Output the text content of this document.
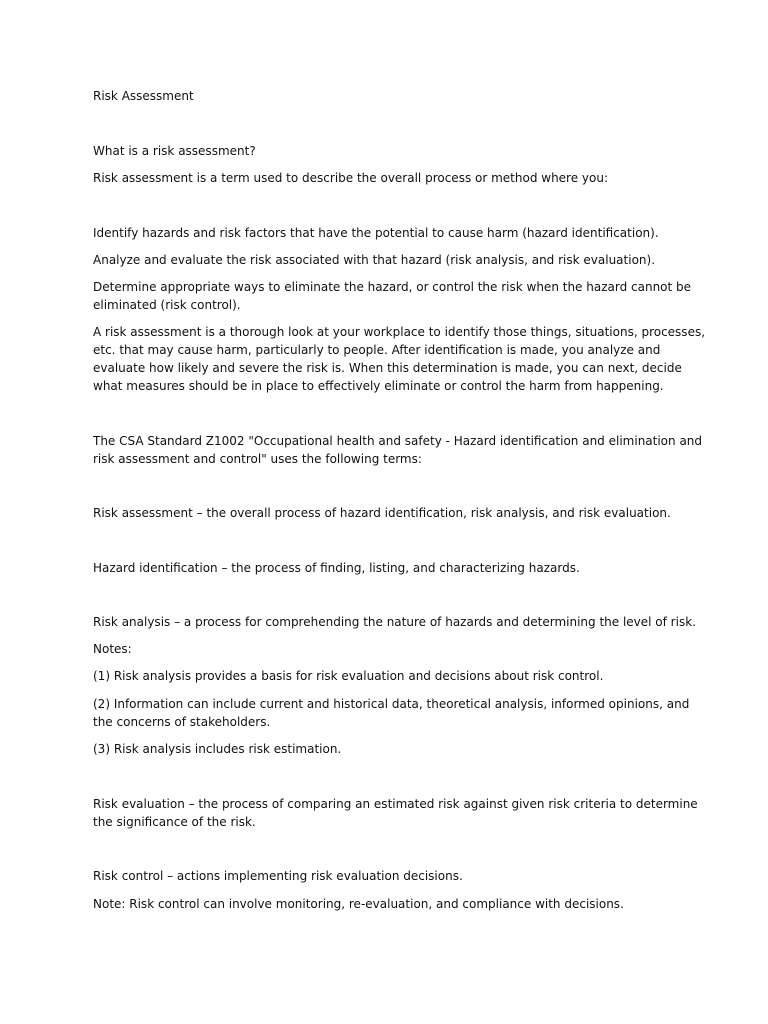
Risk Assessment

What is a risk assessment?

Risk assessment is a term used to describe the overall process or method where you:

Identify hazards and risk factors that have the potential to cause harm (hazard identification).

Analyze and evaluate the risk associated with that hazard (risk analysis, and risk evaluation).

Determine appropriate ways to eliminate the hazard, or control the risk when the hazard cannot be

eliminated (risk control).

A risk assessment is a thorough look at your workplace to identify those things, situations, processes,

etc. that may cause harm, particularly to people. After identification is made, you analyze and

evaluate how likely and severe the risk is. When this determination is made, you can next, decide

what measures should be in place to effectively eliminate or control the harm from happening.

The CSA Standard Z1002 "Occupational health and safety - Hazard identification and elimination and

risk assessment and control" uses the following terms:

Risk assessment – the overall process of hazard identification, risk analysis, and risk evaluation.

Hazard identification – the process of finding, listing, and characterizing hazards.

Risk analysis – a process for comprehending the nature of hazards and determining the level of risk.

Notes:

(1) Risk analysis provides a basis for risk evaluation and decisions about risk control.

(2) Information can include current and historical data, theoretical analysis, informed opinions, and

the concerns of stakeholders.

(3) Risk analysis includes risk estimation.

Risk evaluation – the process of comparing an estimated risk against given risk criteria to determine

the significance of the risk.

Risk control – actions implementing risk evaluation decisions.

Note: Risk control can involve monitoring, re-evaluation, and compliance with decisions.
